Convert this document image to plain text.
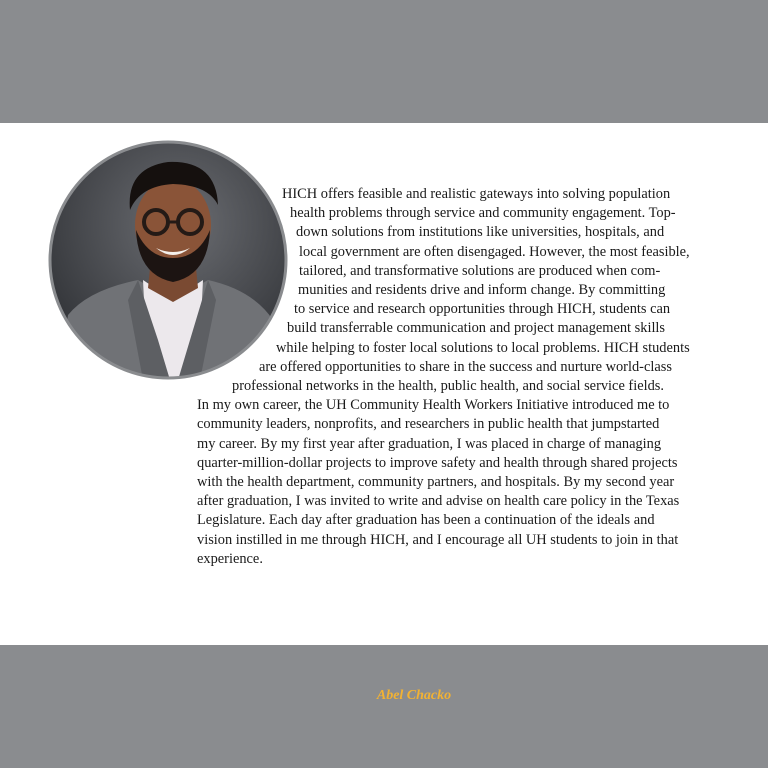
HICH offers feasible and realistic gateways into solving population
health problems through service and community engagement. Top-
down solutions from institutions like universities, hospitals, and
local government are often disengaged. However, the most feasible,
tailored, and transformative solutions are produced when com-
munities and residents drive and inform change. By committing
to service and research opportunities through HICH, students can
build transferrable communication and project management skills
while helping to foster local solutions to local problems. HICH students
are offered opportunities to share in the success and nurture world-class
professional networks in the health, public health, and social service fields.
In my own career, the UH Community Health Workers Initiative introduced me to
community leaders, nonprofits, and researchers in public health that jumpstarted
my career. By my first year after graduation, I was placed in charge of managing
quarter-million-dollar projects to improve safety and health through shared projects
with the health department, community partners, and hospitals. By my second year
after graduation, I was invited to write and advise on health care policy in the Texas
Legislature. Each day after graduation has been a continuation of the ideals and
vision instilled in me through HICH, and I encourage all UH students to join in that
experience.
Abel Chacko
